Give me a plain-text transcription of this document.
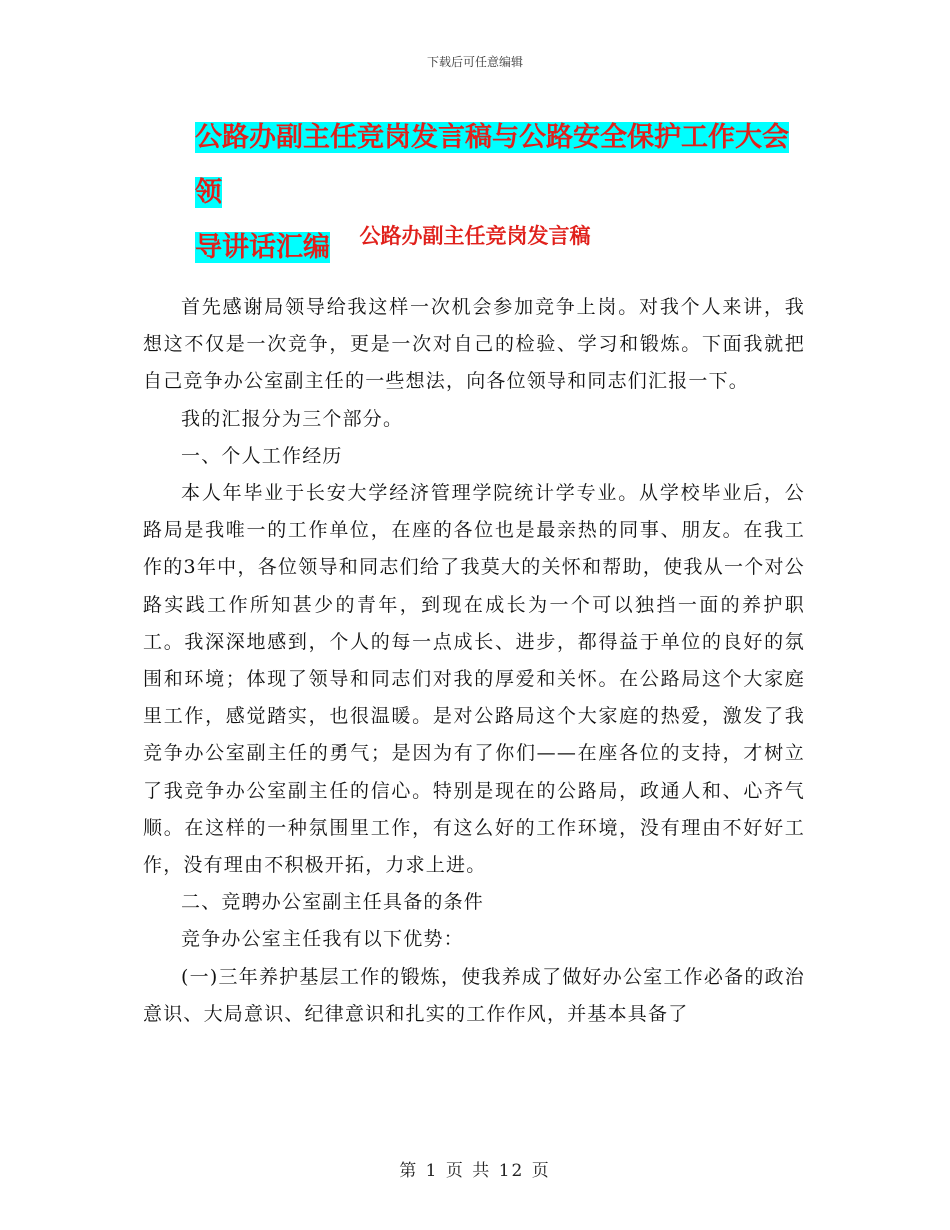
下载后可任意编辑
公路办副主任竞岗发言稿与公路安全保护工作大会领
导讲话汇编	公路办副主任竞岗发言稿

首先感谢局领导给我这样一次机会参加竞争上岗。对我个人来讲，我想这不仅是一次竞争，更是一次对自己的检验、学习和锻炼。下面我就把自己竞争办公室副主任的一些想法，向各位领导和同志们汇报一下。

我的汇报分为三个部分。

一、个人工作经历

本人年毕业于长安大学经济管理学院统计学专业。从学校毕业后，公路局是我唯一的工作单位，在座的各位也是最亲热的同事、朋友。在我工作的3年中，各位领导和同志们给了我莫大的关怀和帮助，使我从一个对公路实践工作所知甚少的青年，到现在成长为一个可以独挡一面的养护职工。我深深地感到，个人的每一点成长、进步，都得益于单位的良好的氛围和环境；体现了领导和同志们对我的厚爱和关怀。在公路局这个大家庭里工作，感觉踏实，也很温暖。是对公路局这个大家庭的热爱，激发了我竞争办公室副主任的勇气；是因为有了你们——在座各位的支持，才树立了我竞争办公室副主任的信心。特别是现在的公路局，政通人和、心齐气顺。在这样的一种氛围里工作，有这么好的工作环境，没有理由不好好工作，没有理由不积极开拓，力求上进。

二、竞聘办公室副主任具备的条件

竞争办公室主任我有以下优势：

(一)三年养护基层工作的锻炼，使我养成了做好办公室工作必备的政治意识、大局意识、纪律意识和扎实的工作作风，并基本具备了

第 1 页 共 12 页
